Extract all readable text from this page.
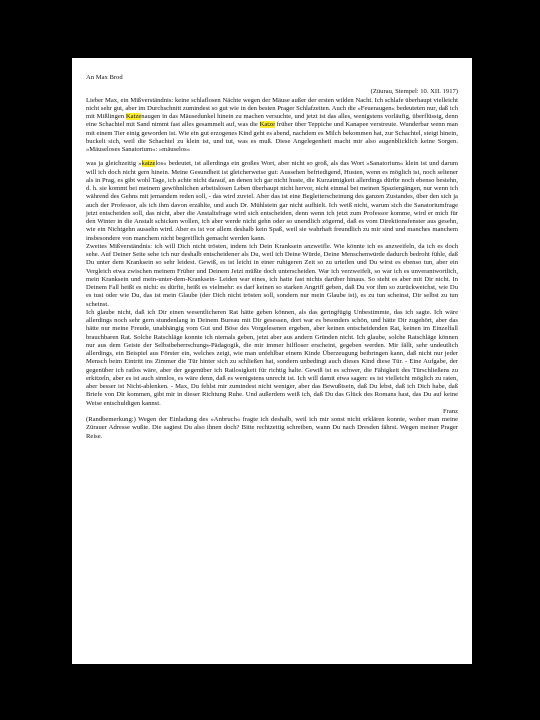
An Max Brod

(Züurau, Stempel: 10. XII. 1917)

Lieber Max, ein Mißverständnis: keine schlaflosen Nächte wegen der Mäuse außer der ersten wilden Nacht. Ich schlafe überhaupt vielleicht nicht sehr gut, aber im Durchschnitt zumindest so gut wie in den besten Prager Schlafzeiten. Auch die »Feueraugen« bedeuteten nur, daß ich mit Mißlingen Katzenaugen in das Mäusedunkel hinein zu machen versuchte, und jetzt ist das alles, wenigstens vorläufig, überflüssig, denn eine Schachtel mit Sand nimmt fast alles gesammelt auf, was die Katze früher über Teppiche und Kanapee verstreute. Wunderbar wenn man mit einem Tier einig geworden ist. Wie ein gut erzogenes Kind geht es abend, nachdem es Milch bekommen hat, zur Schachtel, steigt hinein, buckelt sich, weil die Schachtel zu klein ist, und tut, was es muß. Diese Angelegenheit macht mir also augenblicklich keine Sorgen. »Mäuseloses Sanatorium«: »mäuselos«

was ja gleichzeitig »katzelos« bedeutet, ist allerdings ein großes Wort, aber nicht so groß, als das Wort »Sanatorium« klein ist und darum will ich doch nicht gern hinein. Meine Gesundheit ist gleicherweise gut: Aussehen befriedigend, Husten, wenn es möglich ist, noch seltener als in Prag, es gibt wohl Tage, ich achte nicht darauf, an denen ich gar nicht huste, die Kurzatmigkeit allerdings dürfte noch ebenso bestehn, d. h. sie kommt bei meinem gewöhnlichen arbeitslosen Leben überhaupt nicht hervor, nicht einmal bei meinen Spaziergängen, nur wenn ich während des Gehns mit jemandem reden soll, - das wird zuviel. Aber das ist eine Begleiterscheinung des ganzen Zustandes, über den sich ja auch der Professor, als ich ihm davon erzählte, und auch Dr. Mühlstein gar nicht aufhielt. Ich weiß nicht, warum sich die Sanatoriumfrage jetzt entscheiden soll, das nicht, aber die Anstaltsfrage wird sich entscheiden, denn wenn ich jetzt zum Professor komme, wird er mich für den Winter in die Anstalt schicken wollen, ich aber werde nicht gehn oder so unendlich zögernd, daß es vom Direktionsfenster aus gesehn, wie ein Nichtgehn aussehn wird. Aber es ist vor allem deshalb kein Spaß, weil sie wahrhaft freundlich zu mir sind und manches manchem insbesondere von manchem nicht begreiflich gemacht werden kann.

Zweites Mißverständnis: ich will Dich nicht trösten, indem ich Dein Kranksein anzweifle. Wie könnte ich es anzweifeln, da ich es doch sehe. Auf Deiner Seite sehe ich nur deshalb entscheidener als Du, weil ich Deine Würde, Deine Menschenwürde dadurch bedroht fühle, daß Du unter dem Kranksein so sehr leidest. Gewiß, es ist leicht in einer ruhigeren Zeit so zu urteilen und Du wirst es ebenso tun, aber ein Vergleich etwa zwischen meinem Früher und Deinem Jetzt müßte doch unterscheiden. War ich verzweifelt, so war ich es unverantwortlich, mein Kranksein und mein-unter-dem-Kranksein- Leiden war eines, ich hatte fast nichts darüber hinaus. So steht es aber mit Dir nicht. In Deinem Fall heißt es nicht: es dürfte, heißt es vielmehr: es darf keinen so starken Angriff geben, daß Du vor ihm so zurückweichst, wie Du es tust oder wie Du, das ist mein Glaube (der Dich nicht trösten soll, sondern nur mein Glaube ist), es zu tun scheinst, Dir selbst zu tun scheinst.

Ich glaube nicht, daß ich Dir einen wesentlicheren Rat hätte geben können, als das geringfügig Unbestimmte, das ich sagte. Ich wäre allerdings noch sehr gern stundenlang in Deinem Bureau mit Dir gesessen, dort war es besonders schön, und hätte Dir zugehört, aber das hätte nur meine Freude, unabhängig vom Gut und Böse des Vorgelesenen ergeben, aber keinen entscheidenden Rat, keinen im Einzelfall brauchbaren Rat. Solche Ratschläge konnte ich niemals geben, jetzt aber aus andern Gründen nicht. Ich glaube, solche Ratschläge können nur aus dem Geiste der Selbstbeherrschungs-Pädagogik, die mir immer hilfloser erscheint, gegeben werden. Mir fällt, sehr undeutlich allerdings, ein Beispiel aus Förster ein, welches zeigt, wie man unfehlbar einem Kinde Überzeugung beibringen kann, daß nicht nur jeder Mensch beim Eintritt ins Zimmer die Tür hinter sich zu schließen hat, sondern unbedingt auch dieses Kind diese Tür. - Eine Aufgabe, der gegenüber ich ratlos wäre, aber der gegenüber ich Ratlosigkeit für richtig halte. Gewiß ist es schwer, die Fähigkeit des Türschließens zu erkitzeln, aber es ist auch sinnlos, es wäre denn, daß es wenigstens unrecht ist. Ich will damit etwa sagen: es ist vielleicht möglich zu raten, aber besser ist Nicht-ablenken. - Max, Du fehlst mir zumindest nicht weniger, aber das Bewußtsein, daß Du lebst, daß ich Dich habe, daß Briefe von Dir kommen, gibt mir in dieser Richtung Ruhe. Und außerdem weiß ich, daß Du das Glück des Romans hast, das Du auf keine Weise entschuldigen kannst.

Franz

(Randbemerkung:) Wegen der Einladung des »Anbruch« fragte ich deshalb, weil ich mir sonst nicht erklären konnte, woher man meine Zürauer Adresse wußte. Die sagtest Du also ihnen doch? Bitte rechtzeitig schreiben, wann Du nach Dresden fährst. Wegen meiner Prager Reise.
